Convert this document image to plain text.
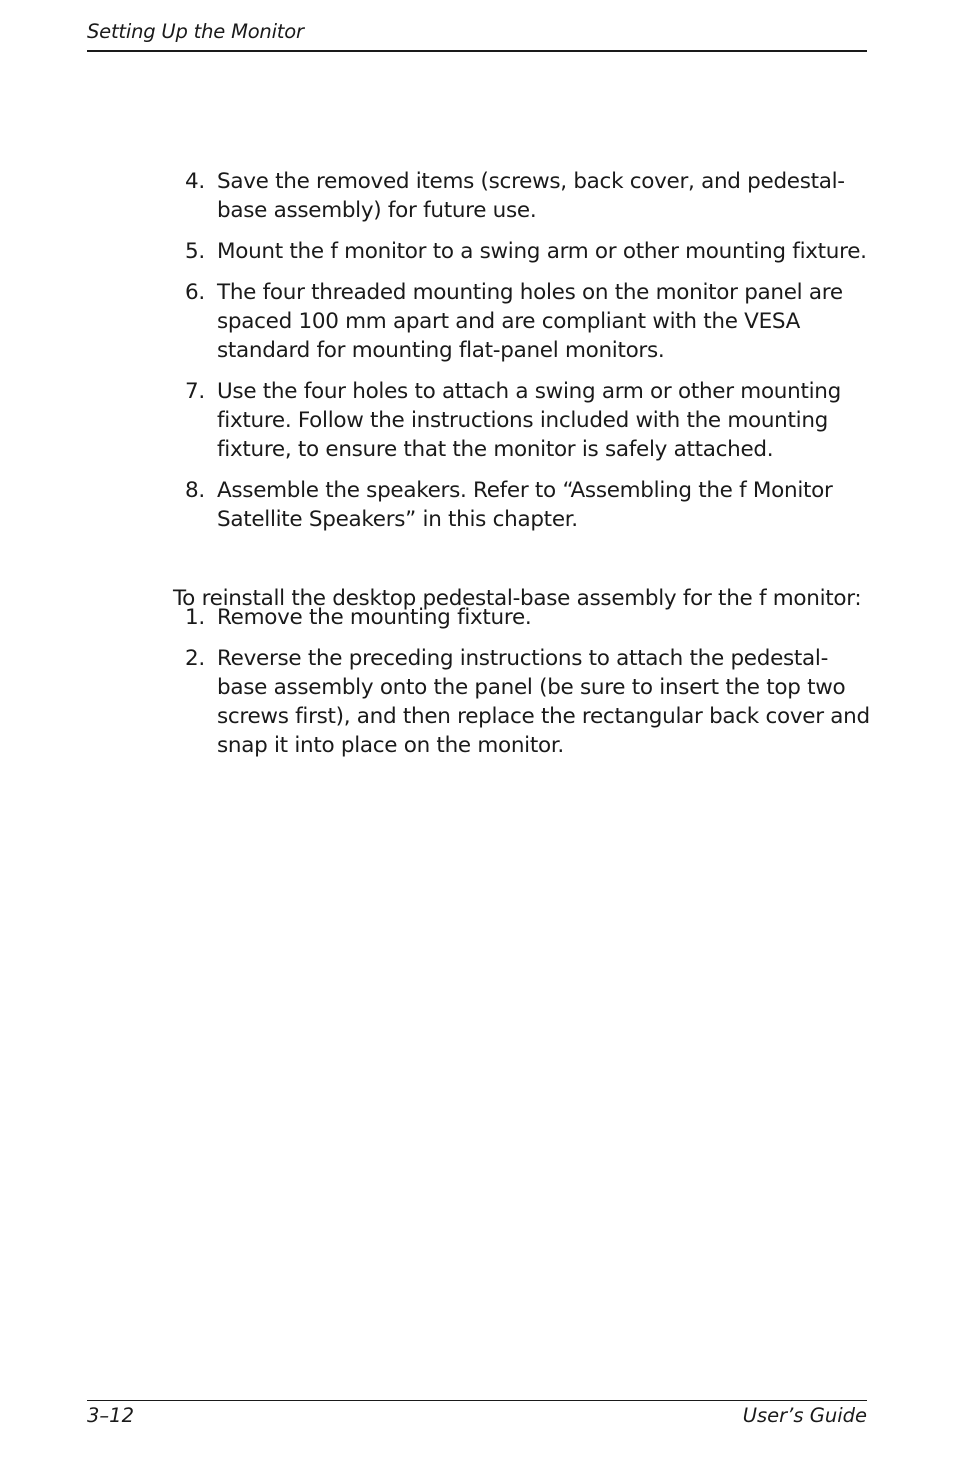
Setting Up the Monitor
4. Save the removed items (screws, back cover, and pedestal-base assembly) for future use.
5. Mount the f monitor to a swing arm or other mounting fixture.
6. The four threaded mounting holes on the monitor panel are spaced 100 mm apart and are compliant with the VESA standard for mounting flat-panel monitors.
7. Use the four holes to attach a swing arm or other mounting fixture. Follow the instructions included with the mounting fixture, to ensure that the monitor is safely attached.
8. Assemble the speakers. Refer to “Assembling the f Monitor Satellite Speakers” in this chapter.

To reinstall the desktop pedestal-base assembly for the f monitor:

1. Remove the mounting fixture.
2. Reverse the preceding instructions to attach the pedestal-base assembly onto the panel (be sure to insert the top two screws first), and then replace the rectangular back cover and snap it into place on the monitor.
3–12	User’s Guide
